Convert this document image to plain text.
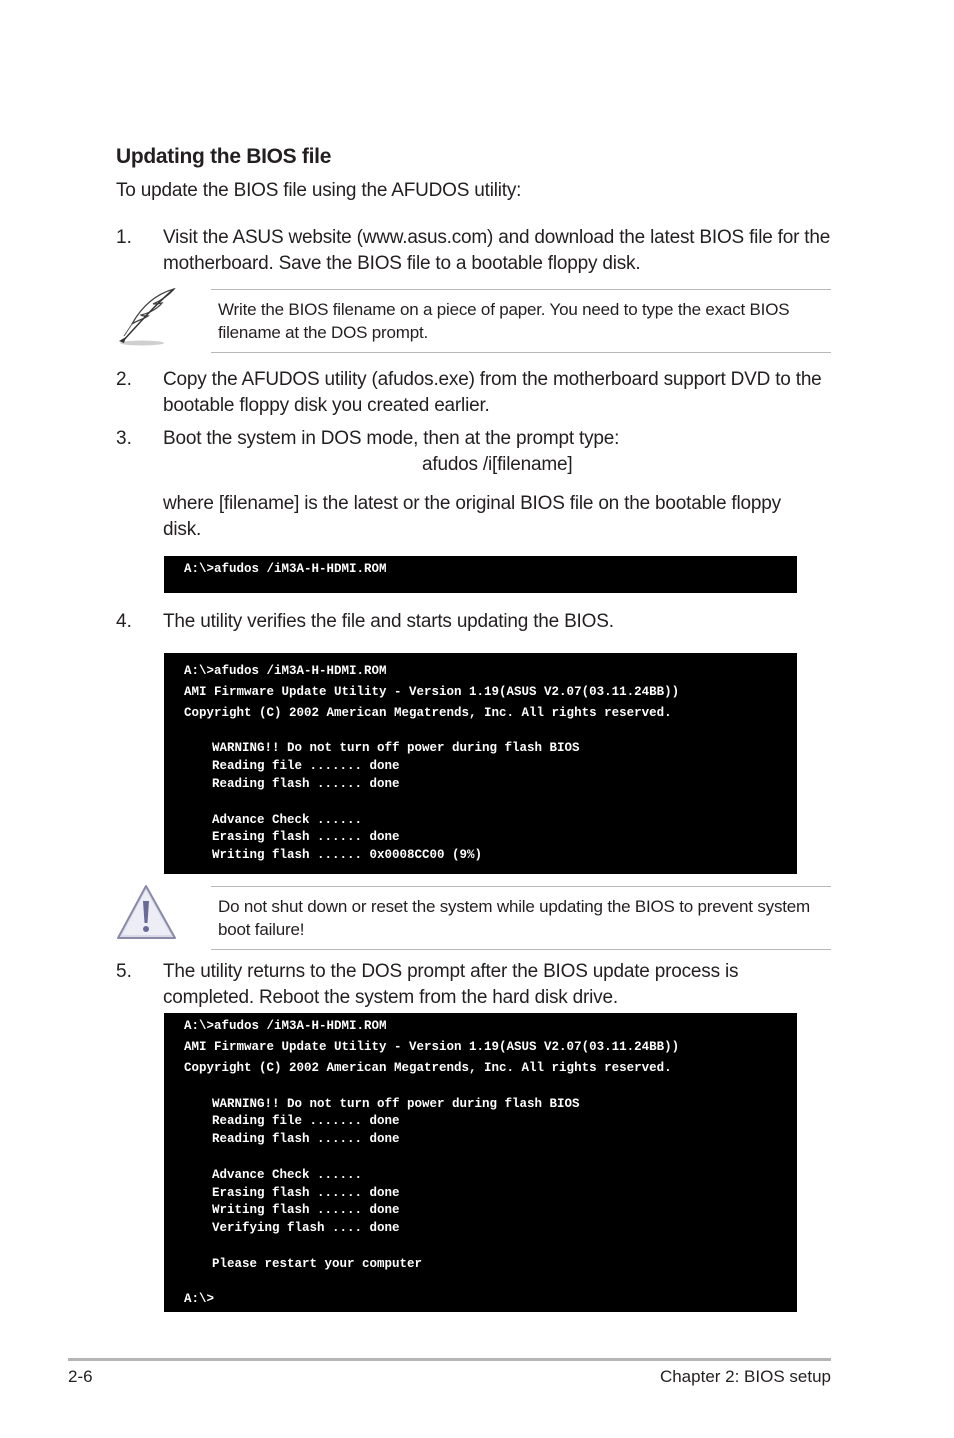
Updating the BIOS file
To update the BIOS file using the AFUDOS utility:
1. Visit the ASUS website (www.asus.com) and download the latest BIOS file for the motherboard. Save the BIOS file to a bootable floppy disk.
Write the BIOS filename on a piece of paper. You need to type the exact BIOS filename at the DOS prompt.
2. Copy the AFUDOS utility (afudos.exe) from the motherboard support DVD to the bootable floppy disk you created earlier.
3. Boot the system in DOS mode, then at the prompt type:
afudos /i[filename]
where [filename] is the latest or the original BIOS file on the bootable floppy disk.
A:\>afudos /iM3A-H-HDMI.ROM
4. The utility verifies the file and starts updating the BIOS.
A:\>afudos /iM3A-H-HDMI.ROM
AMI Firmware Update Utility - Version 1.19(ASUS V2.07(03.11.24BB))
Copyright (C) 2002 American Megatrends, Inc. All rights reserved.
WARNING!! Do not turn off power during flash BIOS
Reading file ....... done
Reading flash ...... done
Advance Check ......
Erasing flash ...... done
Writing flash ...... 0x0008CC00 (9%)
Do not shut down or reset the system while updating the BIOS to prevent system boot failure!
5. The utility returns to the DOS prompt after the BIOS update process is completed. Reboot the system from the hard disk drive.
A:\>afudos /iM3A-H-HDMI.ROM
AMI Firmware Update Utility - Version 1.19(ASUS V2.07(03.11.24BB))
Copyright (C) 2002 American Megatrends, Inc. All rights reserved.
WARNING!! Do not turn off power during flash BIOS
Reading file ....... done
Reading flash ...... done
Advance Check ......
Erasing flash ...... done
Writing flash ...... done
Verifying flash .... done
Please restart your computer
A:\>
2-6	Chapter 2: BIOS setup
